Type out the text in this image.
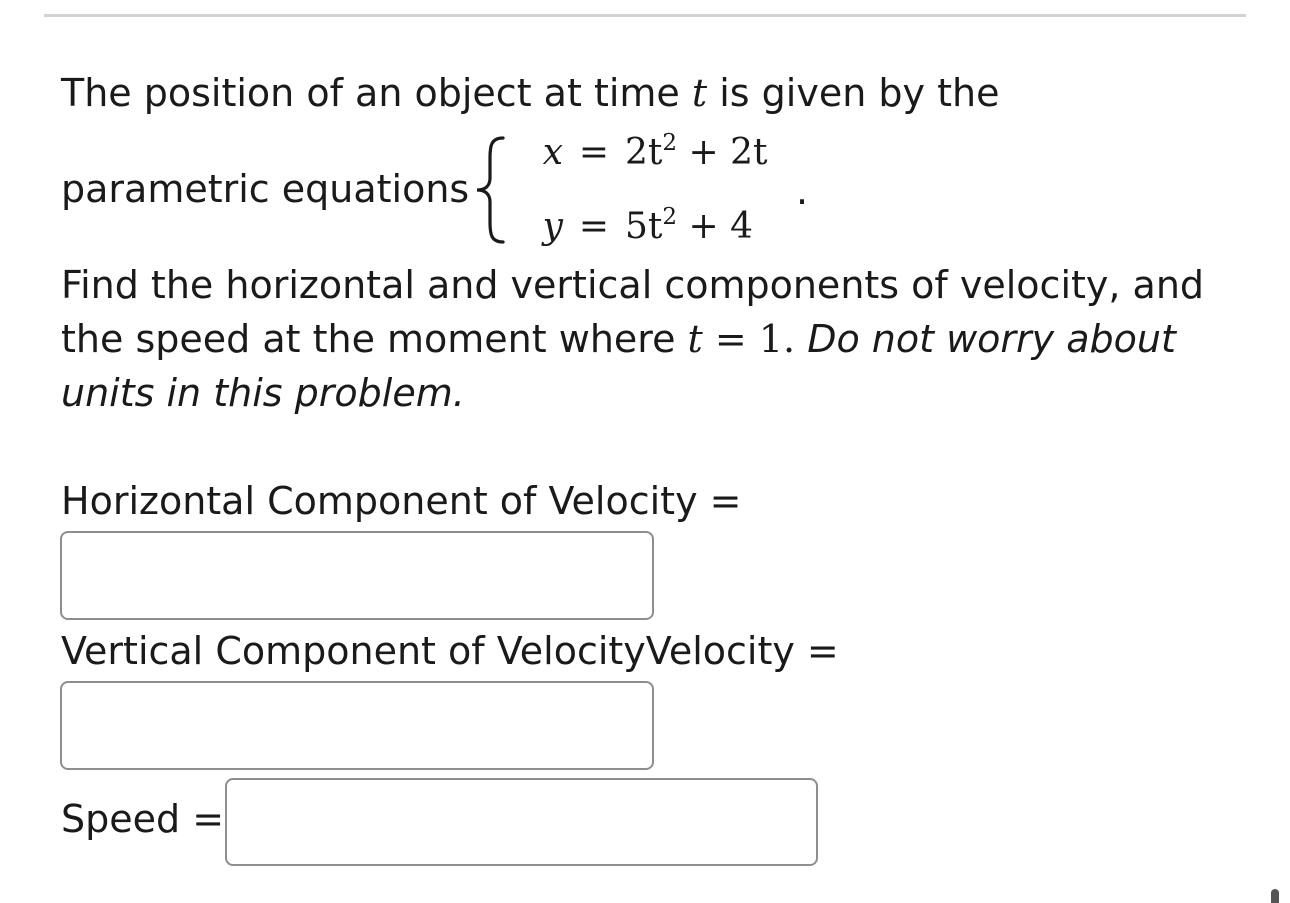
The position of an object at time t is given by the
parametric equations
$x = 2t^2 + 2t$
$y = 5t^2 + 4$
.
Find the horizontal and vertical components of velocity, and
the speed at the moment where t = 1. Do not worry about
units in this problem.
Horizontal Component of Velocity =
Vertical Component of VelocityVelocity =
Speed =
